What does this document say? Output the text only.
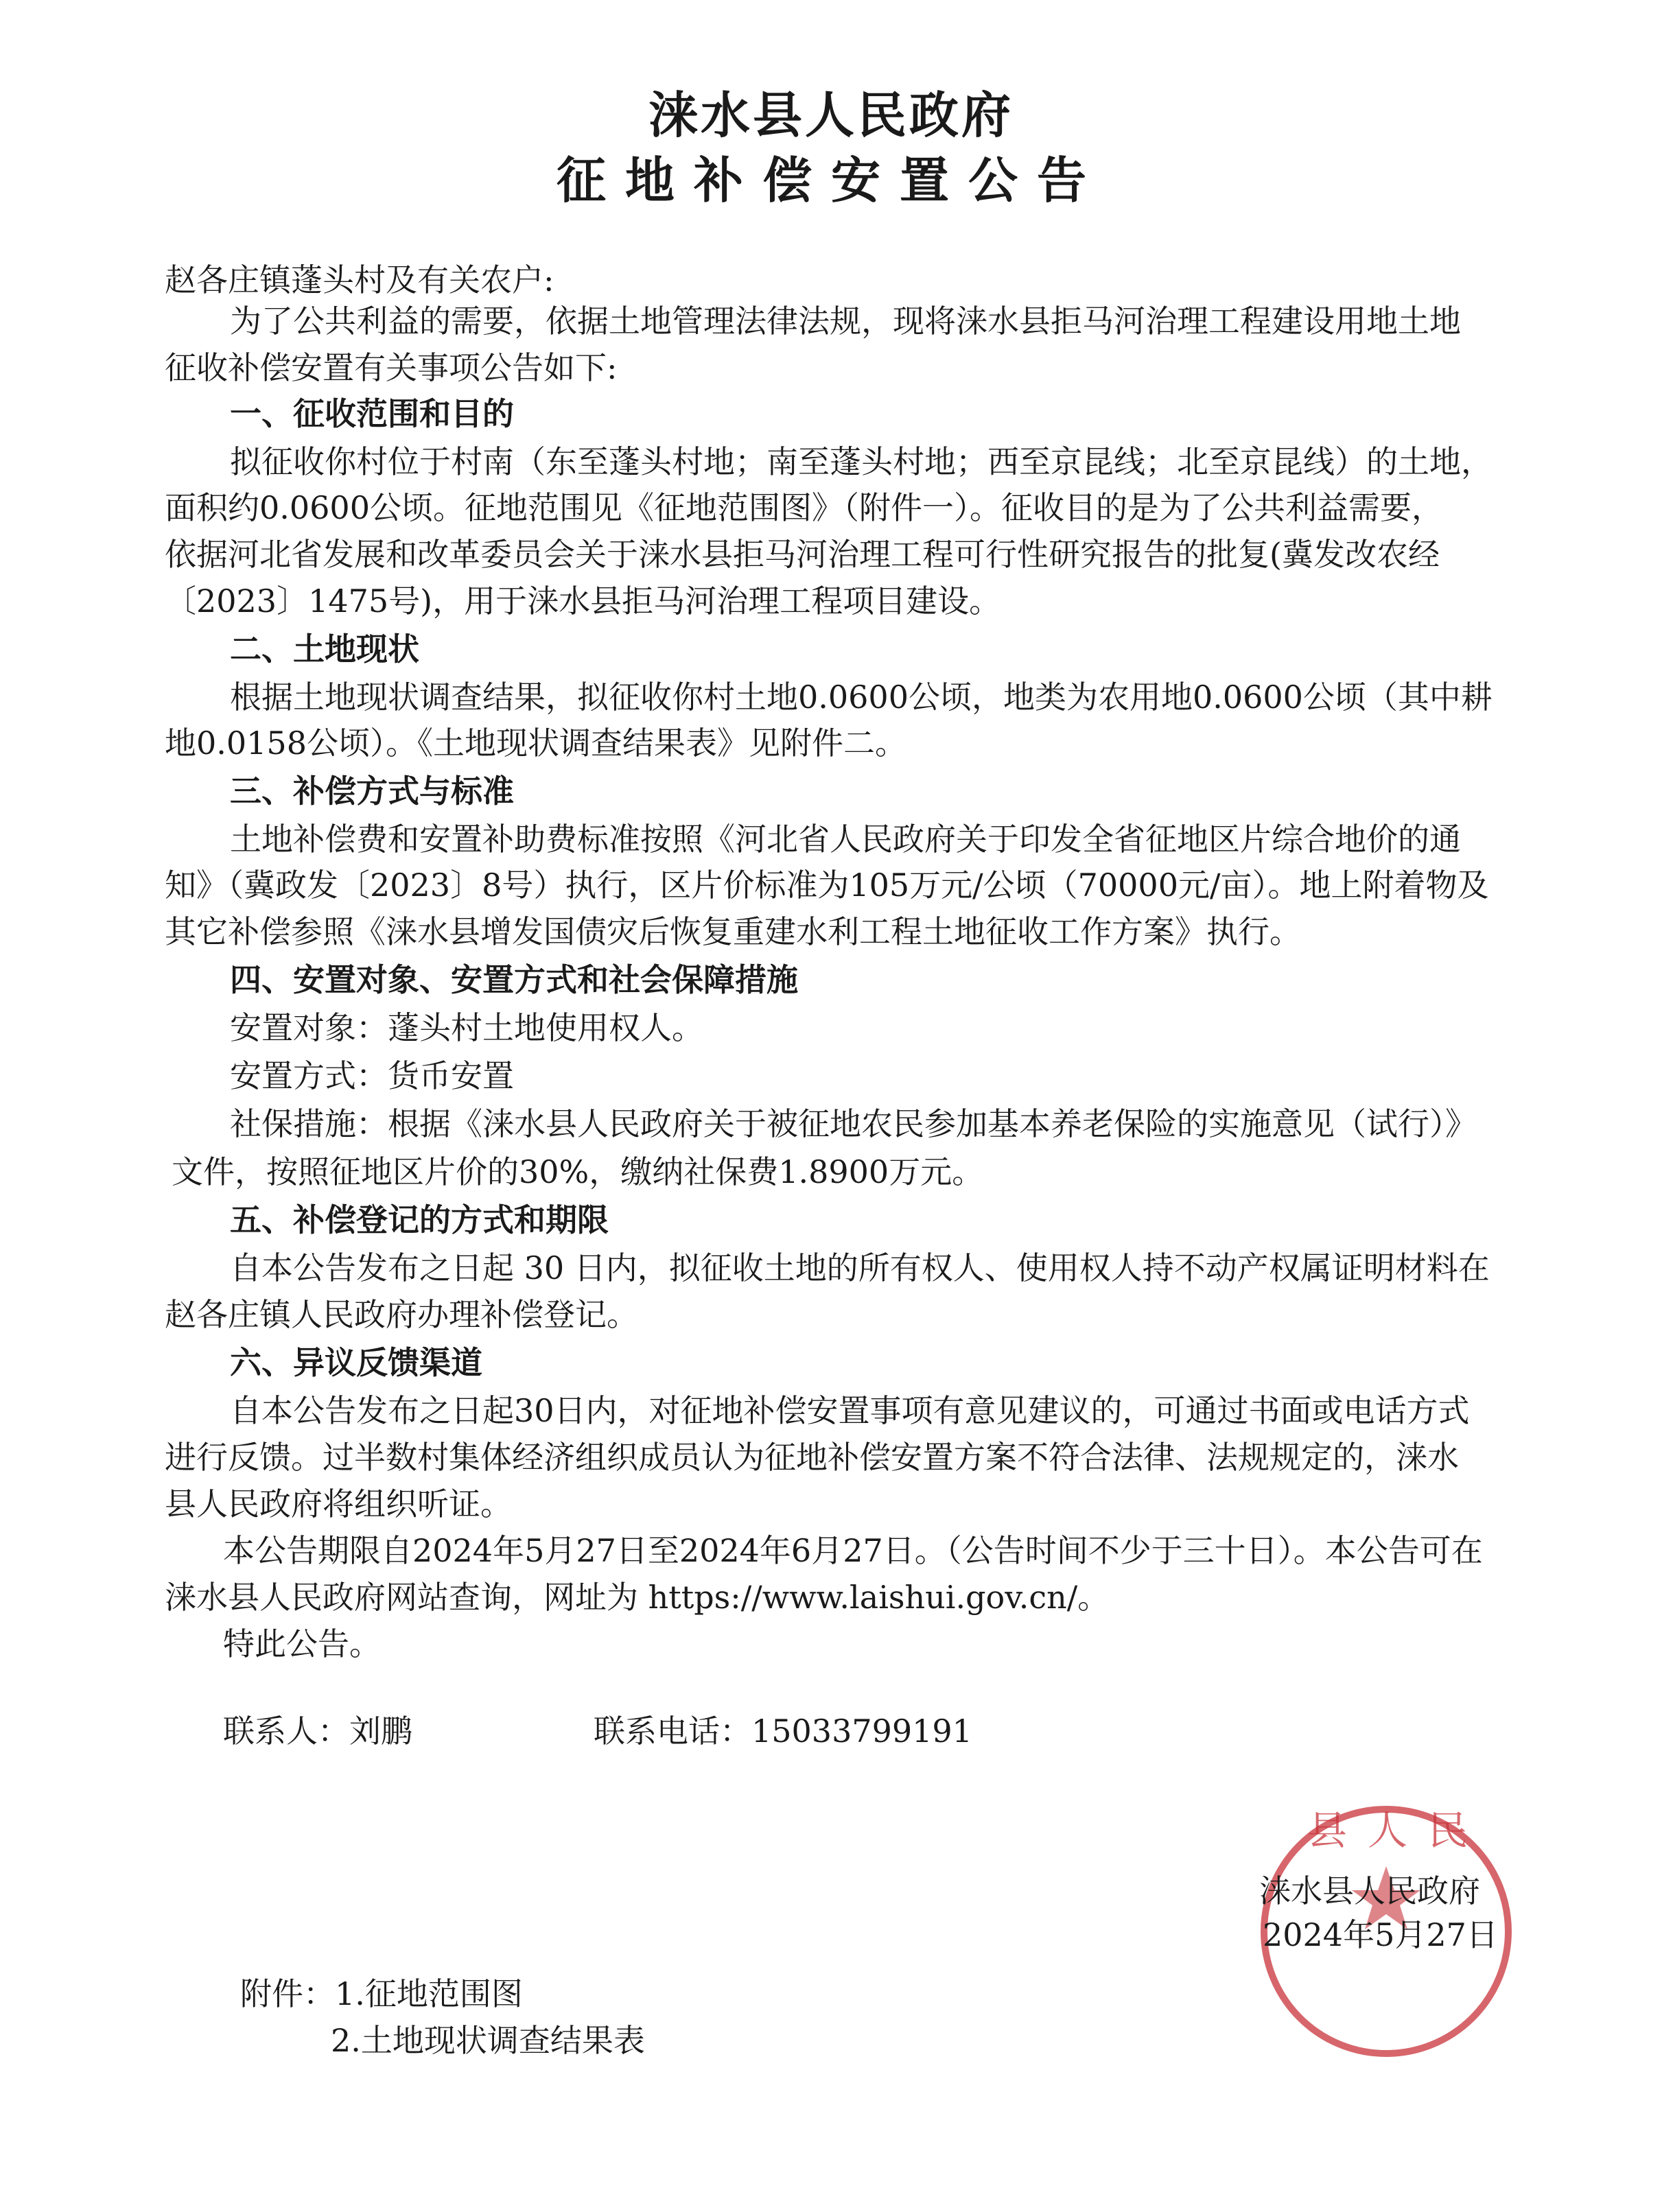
涞水县人民政府
征地补偿安置公告
赵各庄镇蓬头村及有关农户:
为了公共利益的需要，依据土地管理法律法规，现将涞水县拒马河治理工程建设用地土地
征收补偿安置有关事项公告如下:
一、征收范围和目的
拟征收你村位于村南（东至蓬头村地；南至蓬头村地；西至京昆线；北至京昆线）的土地，
面积约0.0600公顷。征地范围见《征地范围图》（附件一）。征收目的是为了公共利益需要，
依据河北省发展和改革委员会关于涞水县拒马河治理工程可行性研究报告的批复(冀发改农经
〔2023〕1475号)，用于涞水县拒马河治理工程项目建设。
二、土地现状
根据土地现状调查结果，拟征收你村土地0.0600公顷，地类为农用地0.0600公顷（其中耕
地0.0158公顷）。《土地现状调查结果表》见附件二。
三、补偿方式与标准
土地补偿费和安置补助费标准按照《河北省人民政府关于印发全省征地区片综合地价的通
知》（冀政发〔2023〕8号）执行，区片价标准为105万元/公顷（70000元/亩）。地上附着物及
其它补偿参照《涞水县增发国债灾后恢复重建水利工程土地征收工作方案》执行。
四、安置对象、安置方式和社会保障措施
安置对象：蓬头村土地使用权人。
安置方式：货币安置
社保措施：根据《涞水县人民政府关于被征地农民参加基本养老保险的实施意见（试行）》
文件，按照征地区片价的30%，缴纳社保费1.8900万元。
五、补偿登记的方式和期限
自本公告发布之日起 30 日内，拟征收土地的所有权人、使用权人持不动产权属证明材料在
赵各庄镇人民政府办理补偿登记。
六、异议反馈渠道
自本公告发布之日起30日内，对征地补偿安置事项有意见建议的，可通过书面或电话方式
进行反馈。过半数村集体经济组织成员认为征地补偿安置方案不符合法律、法规规定的，涞水
县人民政府将组织听证。
本公告期限自2024年5月27日至2024年6月27日。（公告时间不少于三十日）。本公告可在
涞水县人民政府网站查询，网址为 https://www.laishui.gov.cn/。
特此公告。
联系人：刘鹏	联系电话：15033799191
县人民
涞水县人民政府
2024年5月27日
附件：1.征地范围图
2.土地现状调查结果表
